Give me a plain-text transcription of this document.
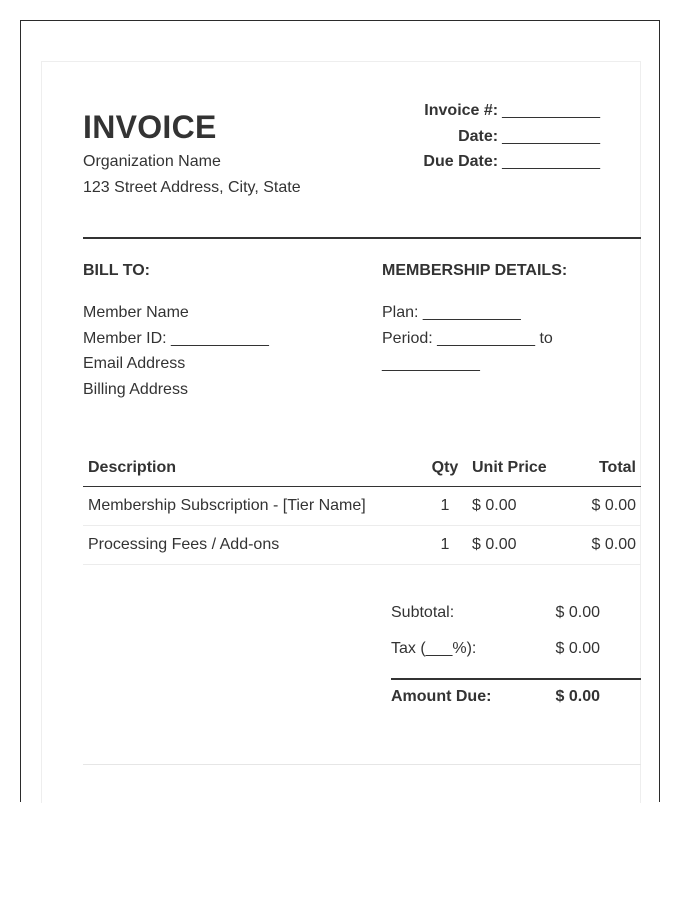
INVOICE
Organization Name
123 Street Address, City, State
Invoice #: ___________
Date: ___________
Due Date: ___________
BILL TO:
Member Name
Member ID: ___________
Email Address
Billing Address
MEMBERSHIP DETAILS:
Plan: ___________
Period: ___________ to
___________
Description	Qty	Unit Price	Total
Membership Subscription - [Tier Name]	1	$ 0.00	$ 0.00
Processing Fees / Add-ons	1	$ 0.00	$ 0.00
Subtotal:	$ 0.00
Tax (___%):	$ 0.00
Amount Due:	$ 0.00
